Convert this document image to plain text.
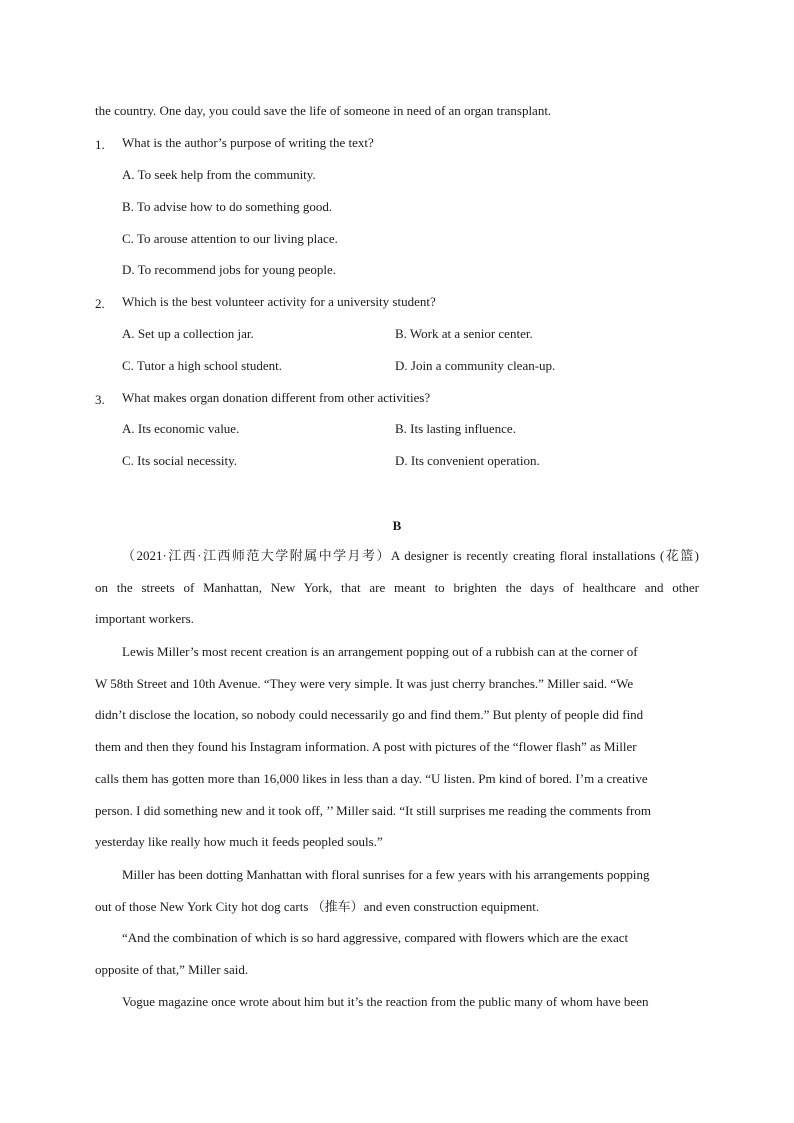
the country. One day, you could save the life of someone in need of an organ transplant.
1. What is the author’s purpose of writing the text?
A. To seek help from the community.
B. To advise how to do something good.
C. To arouse attention to our living place.
D. To recommend jobs for young people.
2. Which is the best volunteer activity for a university student?
A. Set up a collection jar.	B. Work at a senior center.
C. Tutor a high school student.	D. Join a community clean-up.
3. What makes organ donation different from other activities?
A. Its economic value.	B. Its lasting influence.
C. Its social necessity.	D. Its convenient operation.
B
（2021·江西·江西师范大学附属中学月考）A designer is recently creating floral installations (花篮)
on the streets of Manhattan, New York, that are meant to brighten the days of healthcare and other
important workers.
Lewis Miller’s most recent creation is an arrangement popping out of a rubbish can at the corner of
W 58th Street and 10th Avenue. “They were very simple. It was just cherry branches.” Miller said. “We
didn’t disclose the location, so nobody could necessarily go and find them.” But plenty of people did find
them and then they found his Instagram information. A post with pictures of the “flower flash” as Miller
calls them has gotten more than 16,000 likes in less than a day. “U listen. Pm kind of bored. I’m a creative
person. I did something new and it took off, ’’ Miller said. “It still surprises me reading the comments from
yesterday like really how much it feeds peopled souls.”
Miller has been dotting Manhattan with floral sunrises for a few years with his arrangements popping
out of those New York City hot dog carts （推车）and even construction equipment.
“And the combination of which is so hard aggressive, compared with flowers which are the exact
opposite of that,” Miller said.
Vogue magazine once wrote about him but it’s the reaction from the public many of whom have been
